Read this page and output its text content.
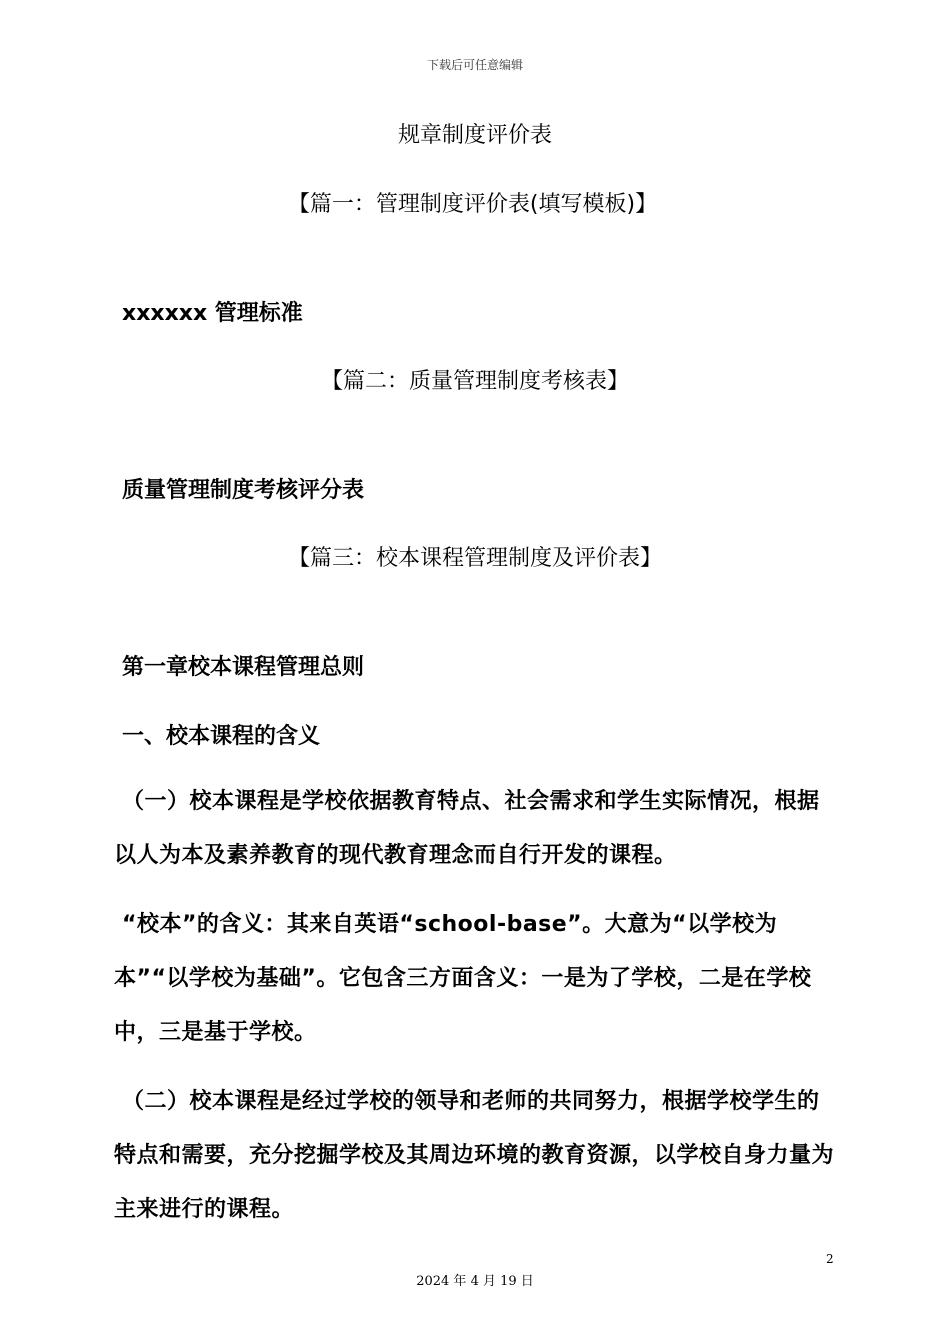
下载后可任意编辑
规章制度评价表
【篇一：管理制度评价表(填写模板)】
xxxxxx 管理标准
【篇二：质量管理制度考核表】
质量管理制度考核评分表
【篇三：校本课程管理制度及评价表】
第一章校本课程管理总则
一、校本课程的含义
（一）校本课程是学校依据教育特点、社会需求和学生实际情况，根据以人为本及素养教育的现代教育理念而自行开发的课程。
“校本”的含义：其来自英语“school-base”。大意为“以学校为本”“以学校为基础”。它包含三方面含义：一是为了学校，二是在学校中，三是基于学校。
（二）校本课程是经过学校的领导和老师的共同努力，根据学校学生的特点和需要，充分挖掘学校及其周边环境的教育资源，以学校自身力量为主来进行的课程。
2
2024 年 4 月 19 日
